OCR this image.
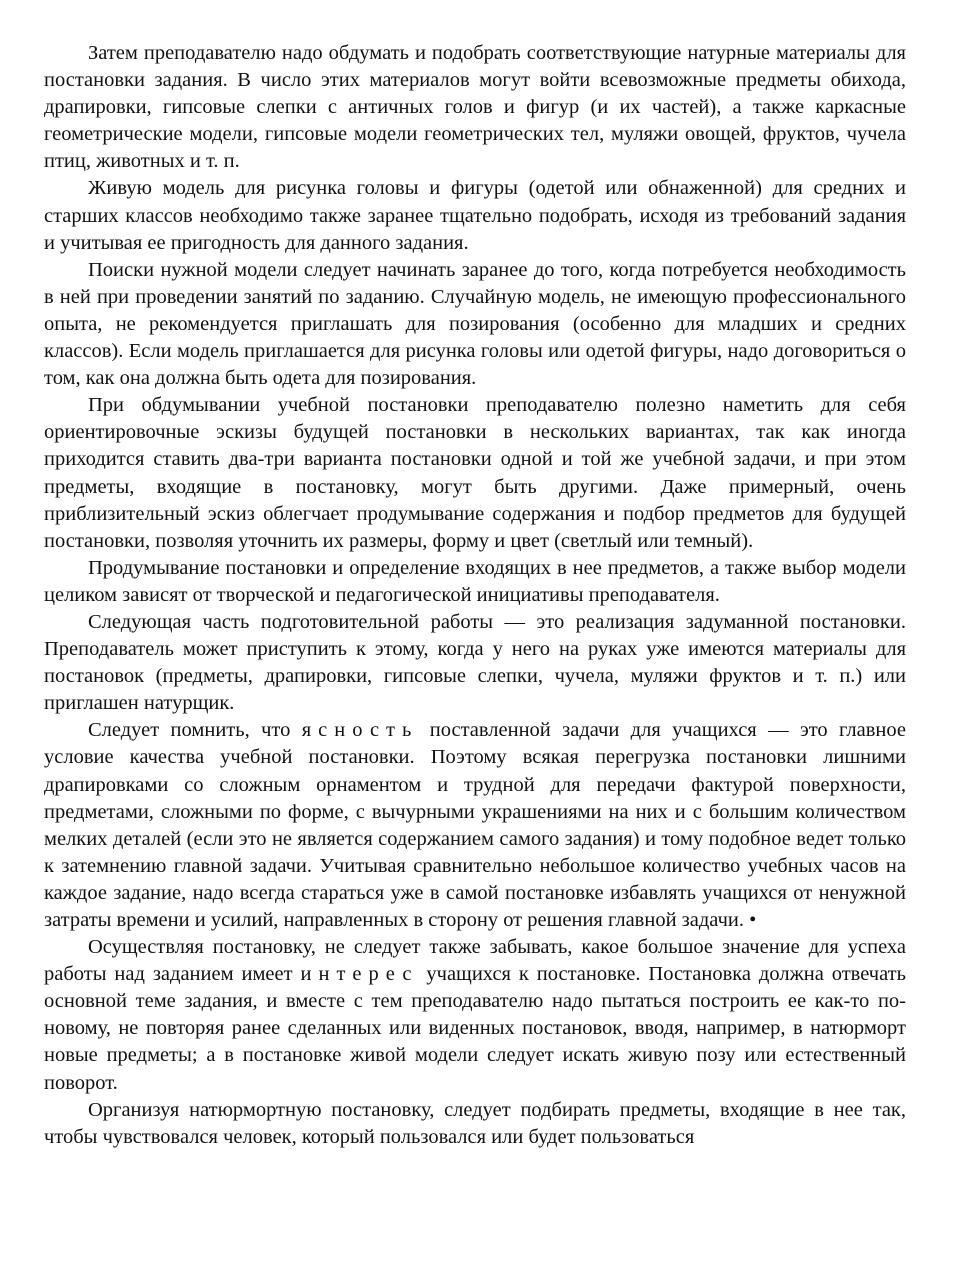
Затем преподавателю надо обдумать и подобрать соответствующие натурные материалы для постановки задания. В число этих материалов могут войти всевозможные предметы обихода, драпировки, гипсовые слепки с античных голов и фигур (и их частей), а также каркасные геометрические модели, гипсовые модели геометрических тел, муляжи овощей, фруктов, чучела птиц, животных и т. п.

Живую модель для рисунка головы и фигуры (одетой или обнаженной) для средних и старших классов необходимо также заранее тщательно подобрать, исходя из требований задания и учитывая ее пригодность для данного задания.

Поиски нужной модели следует начинать заранее до того, когда потребуется необходимость в ней при проведении занятий по заданию. Случайную модель, не имеющую профессионального опыта, не рекомендуется приглашать для позирования (особенно для младших и средних классов). Если модель приглашается для рисунка головы или одетой фигуры, надо договориться о том, как она должна быть одета для позирования.

При обдумывании учебной постановки преподавателю полезно наметить для себя ориентировочные эскизы будущей постановки в нескольких вариантах, так как иногда приходится ставить два-три варианта постановки одной и той же учебной задачи, и при этом предметы, входящие в постановку, могут быть другими. Даже примерный, очень приблизительный эскиз облегчает продумывание содержания и подбор предметов для будущей постановки, позволяя уточнить их размеры, форму и цвет (светлый или темный).

Продумывание постановки и определение входящих в нее предметов, а также выбор модели целиком зависят от творческой и педагогической инициативы преподавателя.

Следующая часть подготовительной работы — это реализация задуманной постановки. Преподаватель может приступить к этому, когда у него на руках уже имеются материалы для постановок (предметы, драпировки, гипсовые слепки, чучела, муляжи фруктов и т. п.) или приглашен натурщик.

Следует помнить, что ясность поставленной задачи для учащихся — это главное условие качества учебной постановки. Поэтому всякая перегрузка постановки лишними драпировками со сложным орнаментом и трудной для передачи фактурой поверхности, предметами, сложными по форме, с вычурными украшениями на них и с большим количеством мелких деталей (если это не является содержанием самого задания) и тому подобное ведет только к затемнению главной задачи. Учитывая сравнительно небольшое количество учебных часов на каждое задание, надо всегда стараться уже в самой постановке избавлять учащихся от ненужной затраты времени и усилий, направленных в сторону от решения главной задачи. •

Осуществляя постановку, не следует также забывать, какое большое значение для успеха работы над заданием имеет интерес учащихся к постановке. Постановка должна отвечать основной теме задания, и вместе с тем преподавателю надо пытаться построить ее как-то по-новому, не повторяя ранее сделанных или виденных постановок, вводя, например, в натюрморт новые предметы; а в постановке живой модели следует искать живую позу или естественный поворот.

Организуя натюрмортную постановку, следует подбирать предметы, входящие в нее так, чтобы чувствовался человек, который пользовался или будет пользоваться
